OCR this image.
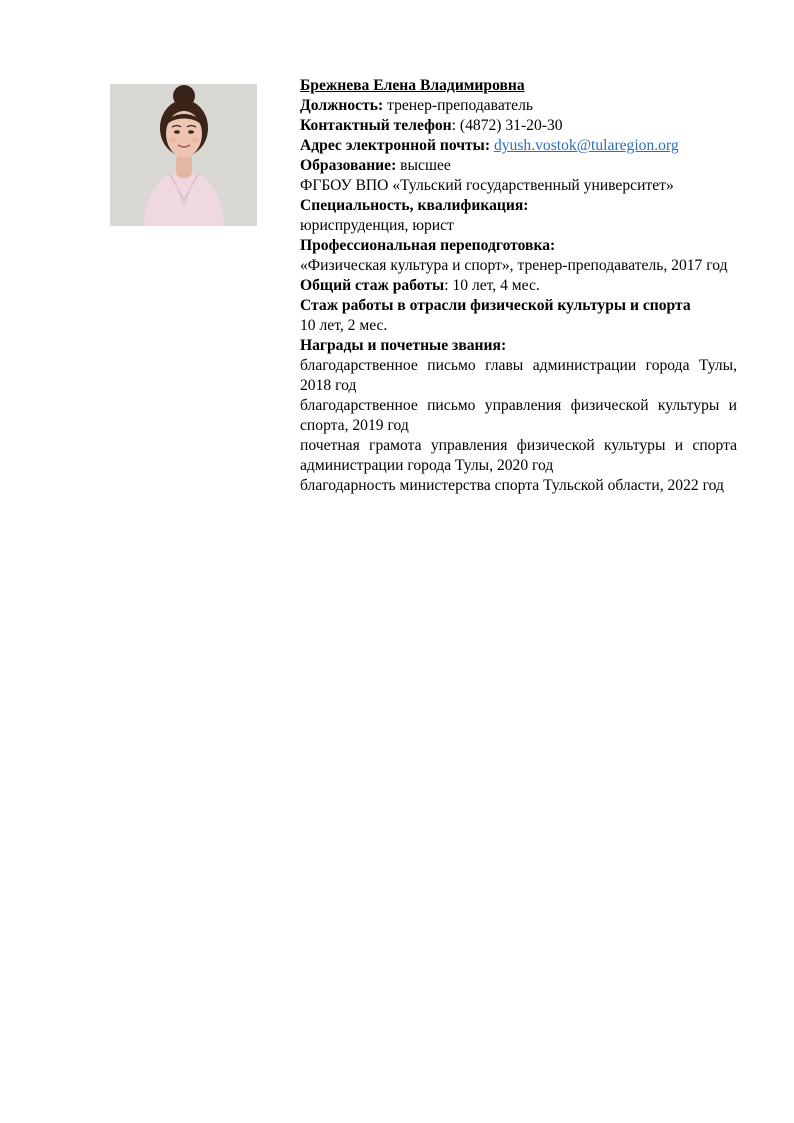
Брежнева Елена Владимировна
Должность: тренер-преподаватель
Контактный телефон: (4872) 31-20-30
Адрес электронной почты: dyush.vostok@tularegion.org
Образование: высшее
ФГБОУ ВПО «Тульский государственный университет»
Специальность, квалификация:
юриспруденция, юрист
Профессиональная переподготовка:
«Физическая культура и спорт», тренер-преподаватель, 2017 год
Общий стаж работы: 10 лет, 4 мес.
Стаж работы в отрасли физической культуры и спорта
10 лет, 2 мес.
Награды и почетные звания:
благодарственное письмо главы администрации города Тулы, 2018 год
благодарственное письмо управления физической культуры и спорта, 2019 год
почетная грамота управления физической культуры и спорта администрации города Тулы, 2020 год
благодарность министерства спорта Тульской области, 2022 год
